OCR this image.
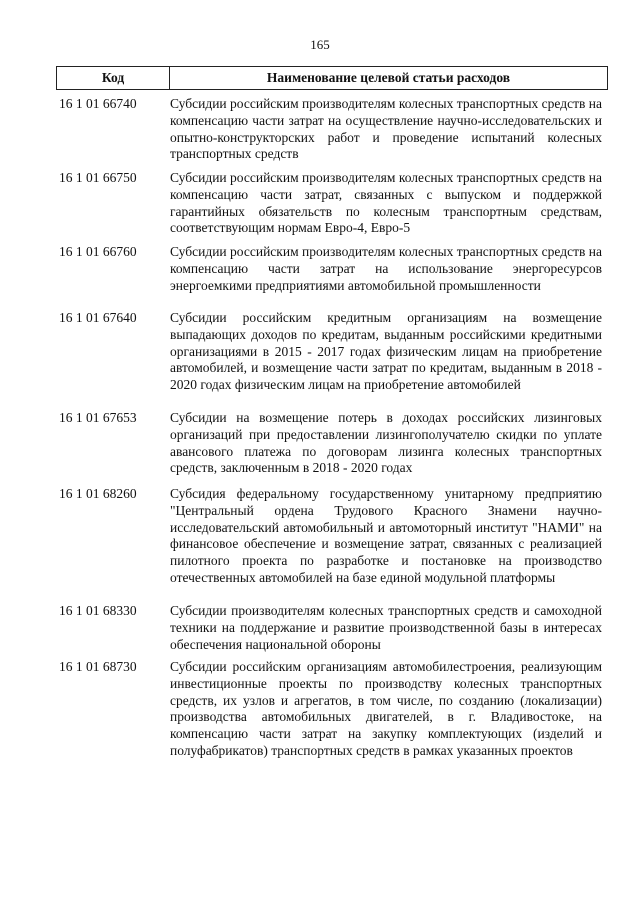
165
Код	Наименование целевой статьи расходов
16 1 01 66740	Субсидии российским производителям колесных транспортных средств на компенсацию части затрат на осуществление научно-исследовательских и опытно-конструкторских работ и проведение испытаний колесных транспортных средств
16 1 01 66750	Субсидии российским производителям колесных транспортных средств на компенсацию части затрат, связанных с выпуском и поддержкой гарантийных обязательств по колесным транспортным средствам, соответствующим нормам Евро-4, Евро-5
16 1 01 66760	Субсидии российским производителям колесных транспортных средств на компенсацию части затрат на использование энергоресурсов энергоемкими предприятиями автомобильной промышленности
16 1 01 67640	Субсидии российским кредитным организациям на возмещение выпадающих доходов по кредитам, выданным российскими кредитными организациями в 2015 - 2017 годах физическим лицам на приобретение автомобилей, и возмещение части затрат по кредитам, выданным в 2018 - 2020 годах физическим лицам на приобретение автомобилей
16 1 01 67653	Субсидии на возмещение потерь в доходах российских лизинговых организаций при предоставлении лизингополучателю скидки по уплате авансового платежа по договорам лизинга колесных транспортных средств, заключенным в 2018 - 2020 годах
16 1 01 68260	Субсидия федеральному государственному унитарному предприятию "Центральный ордена Трудового Красного Знамени научно-исследовательский автомобильный и автомоторный институт "НАМИ" на финансовое обеспечение и возмещение затрат, связанных с реализацией пилотного проекта по разработке и постановке на производство отечественных автомобилей на базе единой модульной платформы
16 1 01 68330	Субсидии производителям колесных транспортных средств и самоходной техники на поддержание и развитие производственной базы в интересах обеспечения национальной обороны
16 1 01 68730	Субсидии российским организациям автомобилестроения, реализующим инвестиционные проекты по производству колесных транспортных средств, их узлов и агрегатов, в том числе, по созданию (локализации) производства автомобильных двигателей, в г. Владивостоке, на компенсацию части затрат на закупку комплектующих (изделий и полуфабрикатов) транспортных средств в рамках указанных проектов
